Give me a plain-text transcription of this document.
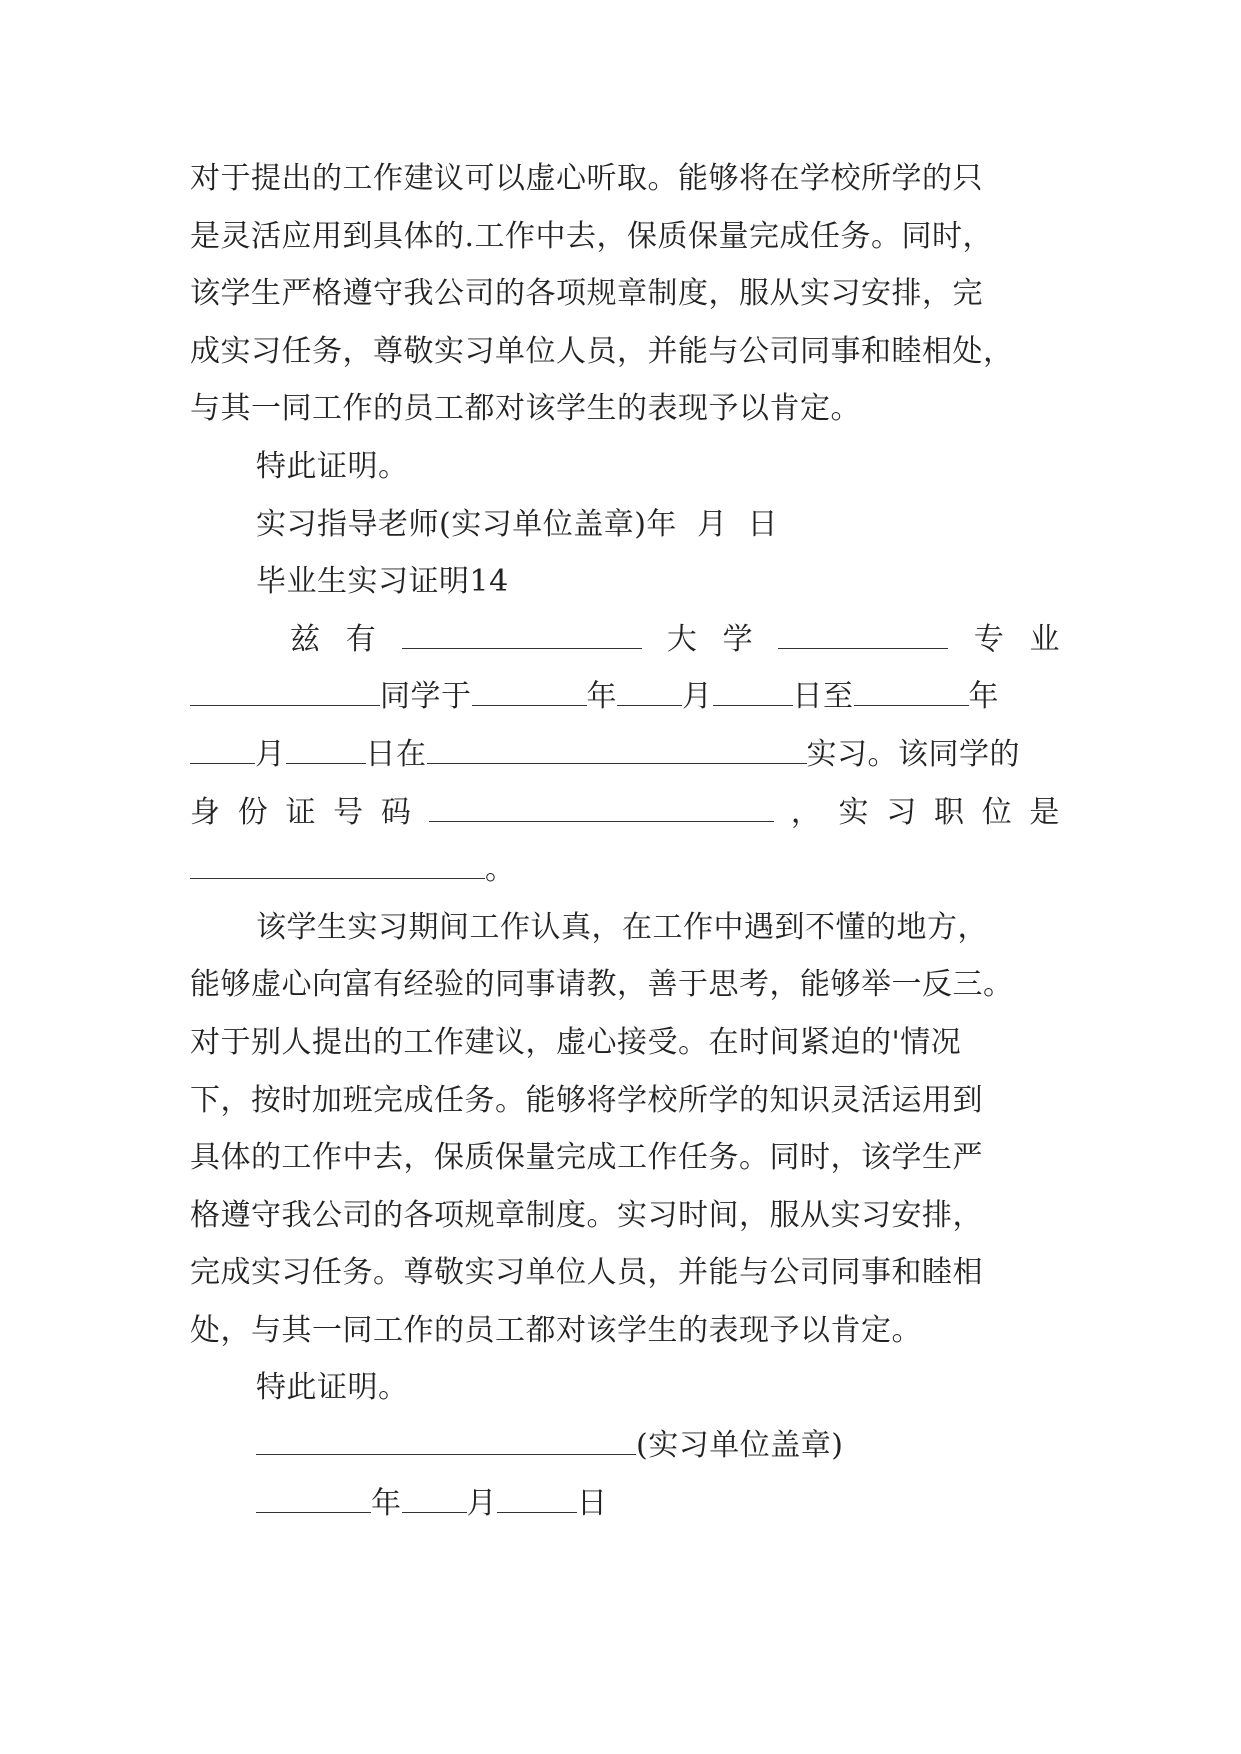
对于提出的工作建议可以虚心听取。能够将在学校所学的只
是灵活应用到具体的.工作中去，保质保量完成任务。同时，
该学生严格遵守我公司的各项规章制度，服从实习安排，完
成实习任务，尊敬实习单位人员，并能与公司同事和睦相处，
与其一同工作的员工都对该学生的表现予以肯定。
特此证明。
实习指导老师(实习单位盖章)年  月  日
毕业生实习证明14
兹 有	大 学	专 业
同学于	年 月	日至	年
月	日在	实习。该同学的
身 份 证 号 码	， 实 习 职 位 是
。
该学生实习期间工作认真，在工作中遇到不懂的地方，
能够虚心向富有经验的同事请教，善于思考，能够举一反三。
对于别人提出的工作建议，虚心接受。在时间紧迫的'情况
下，按时加班完成任务。能够将学校所学的知识灵活运用到
具体的工作中去，保质保量完成工作任务。同时，该学生严
格遵守我公司的各项规章制度。实习时间，服从实习安排，
完成实习任务。尊敬实习单位人员，并能与公司同事和睦相
处，与其一同工作的员工都对该学生的表现予以肯定。
特此证明。
(实习单位盖章)
年 月	日
